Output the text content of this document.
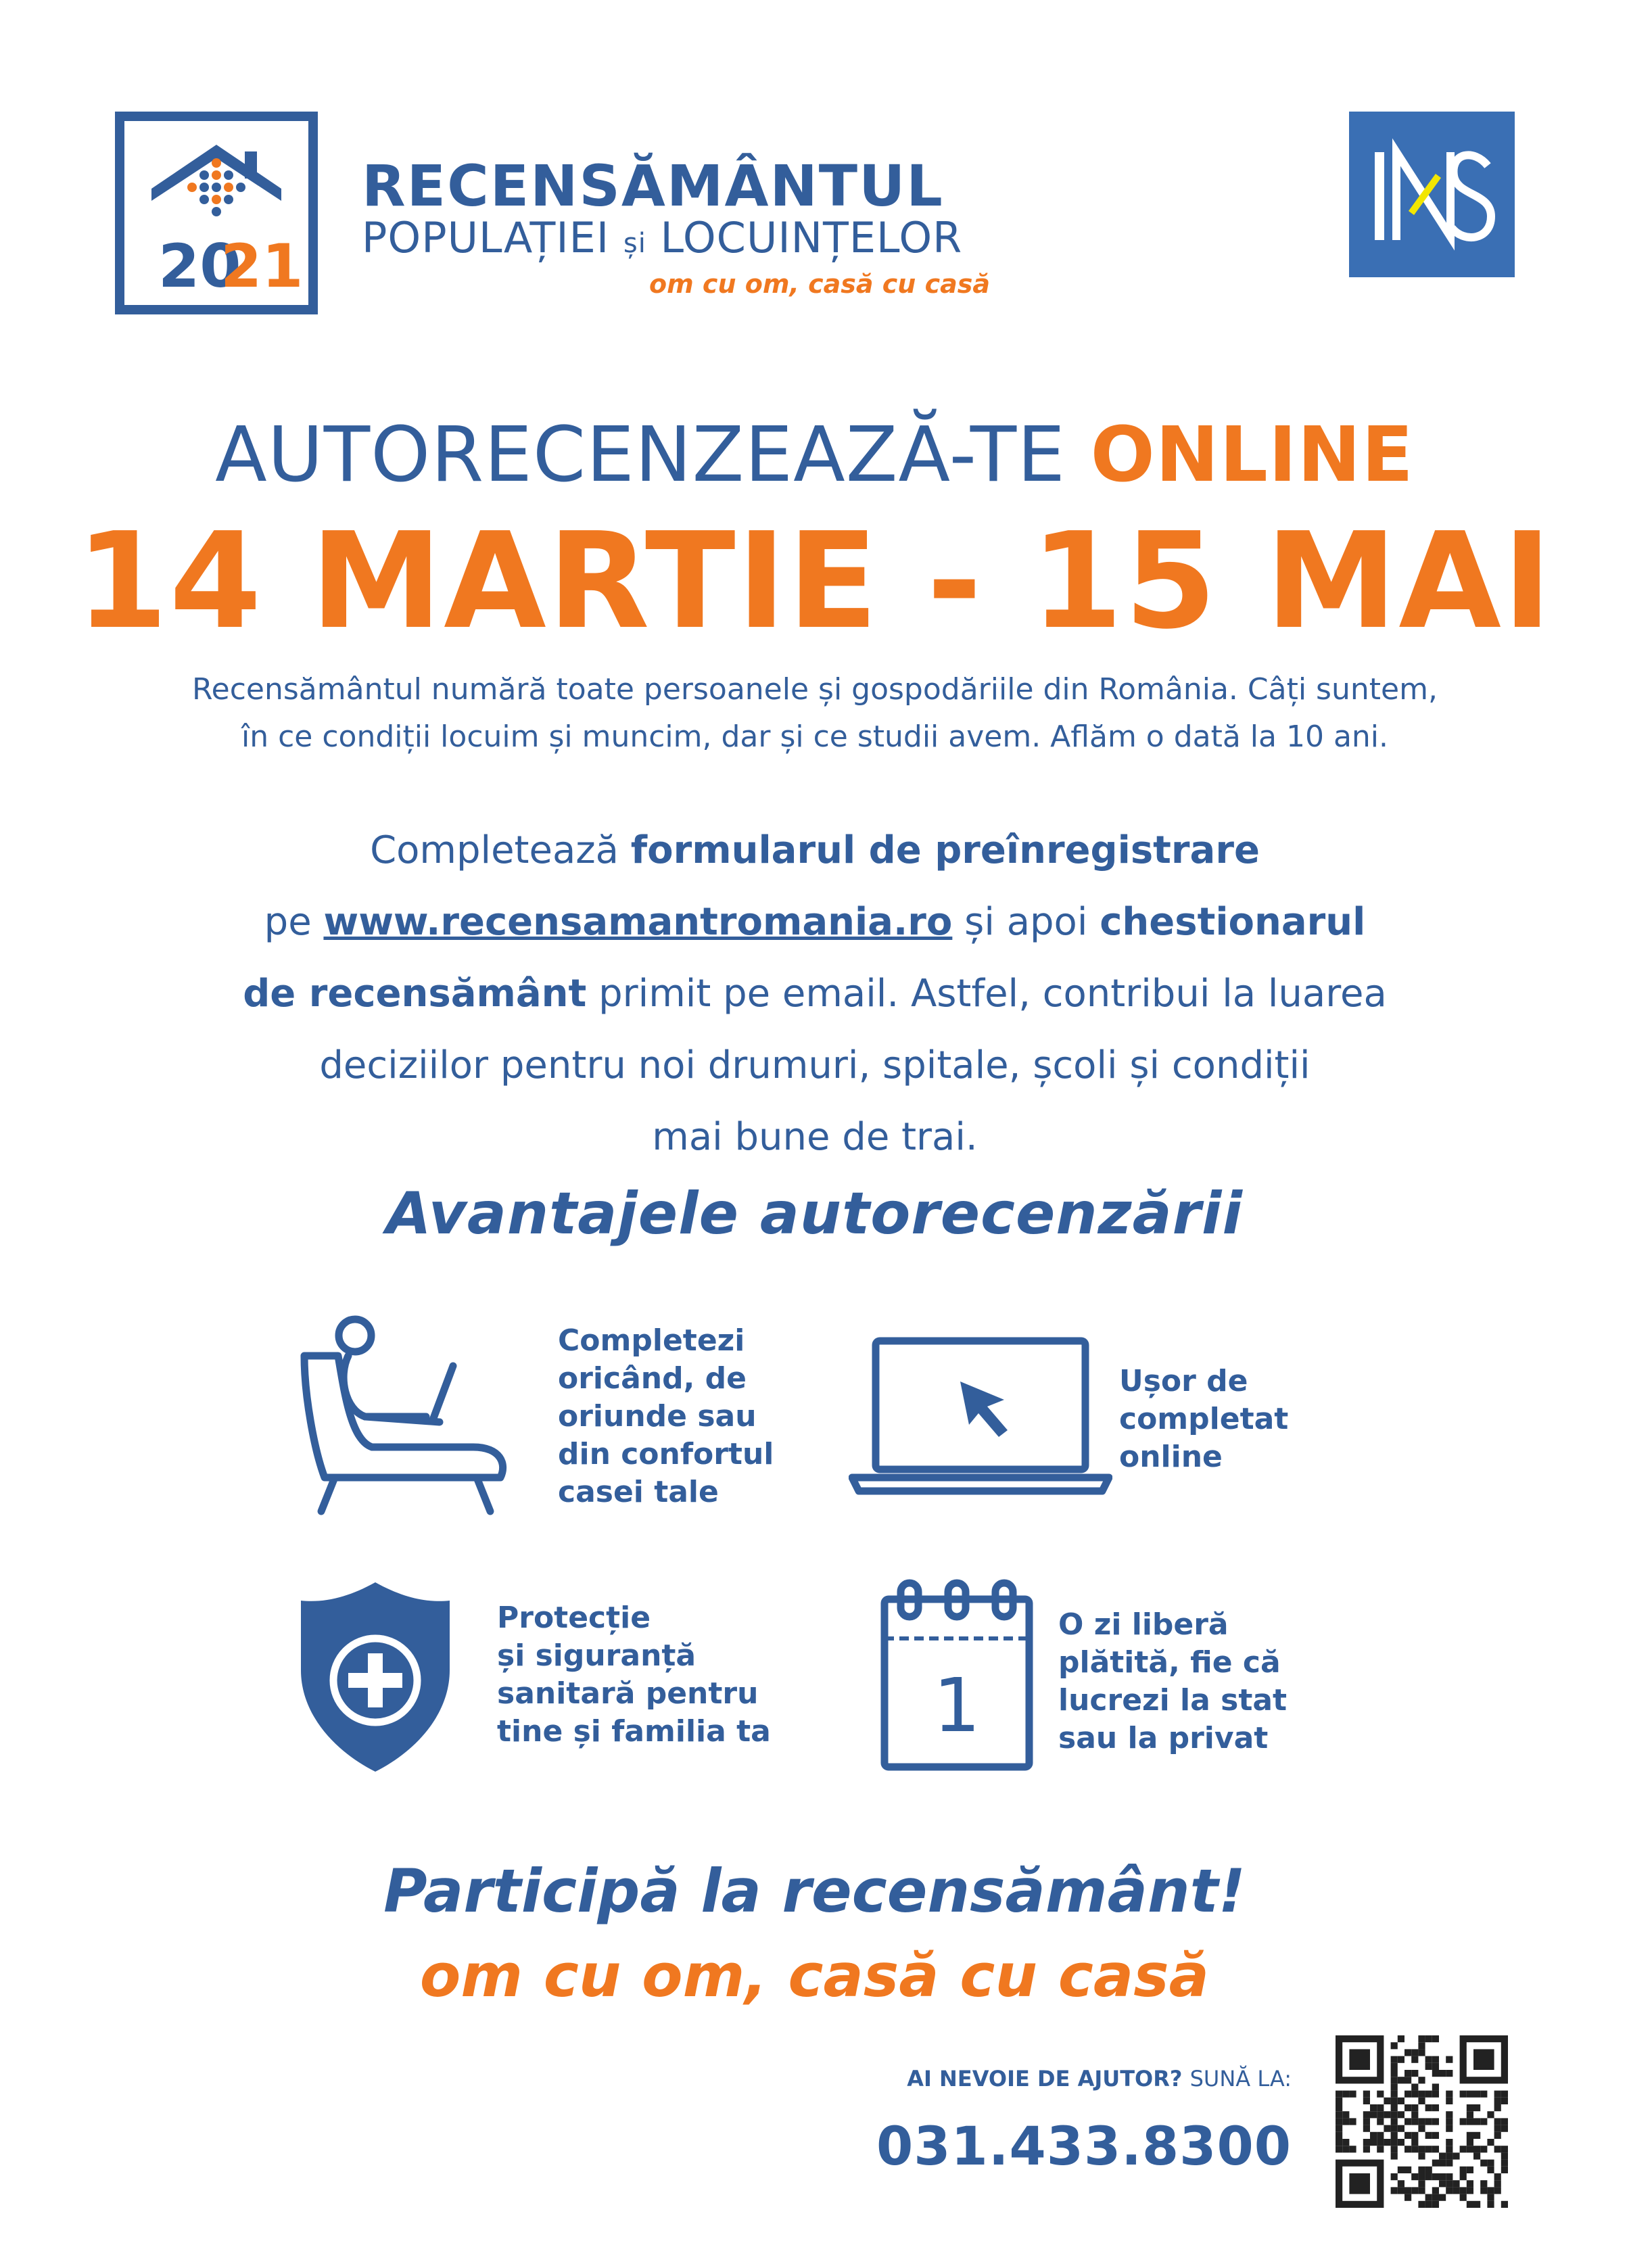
20
21
RECENSĂMÂNTUL
POPULAȚIEI și LOCUINȚELOR
om cu om, casă cu casă	INS
AUTORECENZEAZĂ-TE ONLINE
14 MARTIE - 15 MAI
Recensământul numără toate persoanele și gospodăriile din România. Câți suntem,
în ce condiții locuim și muncim, dar și ce studii avem. Aflăm o dată la 10 ani.
Completează formularul de preînregistrare
pe www.recensamantromania.ro și apoi chestionarul
de recensământ primit pe email. Astfel, contribui la luarea
deciziilor pentru noi drumuri, spitale, școli și condiții
mai bune de trai.
Avantajele autorecenzării
Completezi
oricând, de
oriunde sau
din confortul
casei tale
Ușor de
completat
online
Protecție
și siguranță
sanitară pentru
tine și familia ta 1
O zi liberă
plătită, fie că
lucrezi la stat
sau la privat
Participă la recensământ!
om cu om, casă cu casă
AI NEVOIE DE AJUTOR? SUNĂ LA:
031.433.8300
